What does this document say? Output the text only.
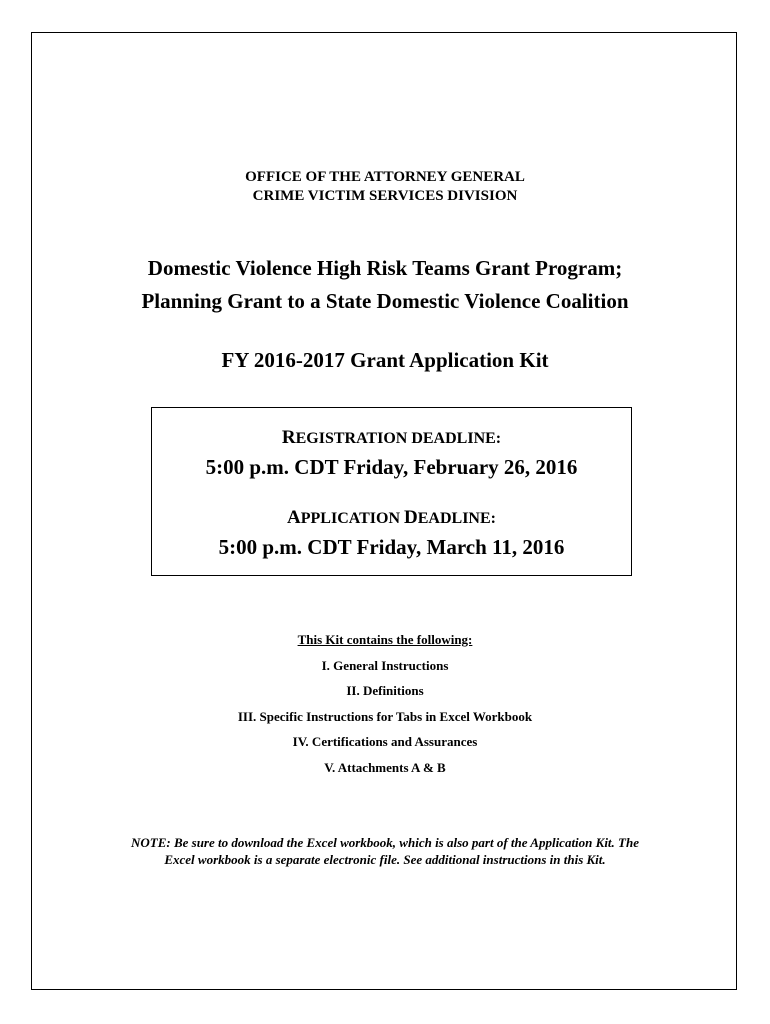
OFFICE OF THE ATTORNEY GENERAL
CRIME VICTIM SERVICES DIVISION
Domestic Violence High Risk Teams Grant Program;
Planning Grant to a State Domestic Violence Coalition
FY 2016-2017 Grant Application Kit
REGISTRATION DEADLINE:
5:00 p.m. CDT Friday, February 26, 2016
APPLICATION DEADLINE:
5:00 p.m. CDT Friday, March 11, 2016
This Kit contains the following:
I. General Instructions
II. Definitions
III. Specific Instructions for Tabs in Excel Workbook
IV. Certifications and Assurances
V. Attachments A & B
NOTE: Be sure to download the Excel workbook, which is also part of the Application Kit. The
Excel workbook is a separate electronic file. See additional instructions in this Kit.
